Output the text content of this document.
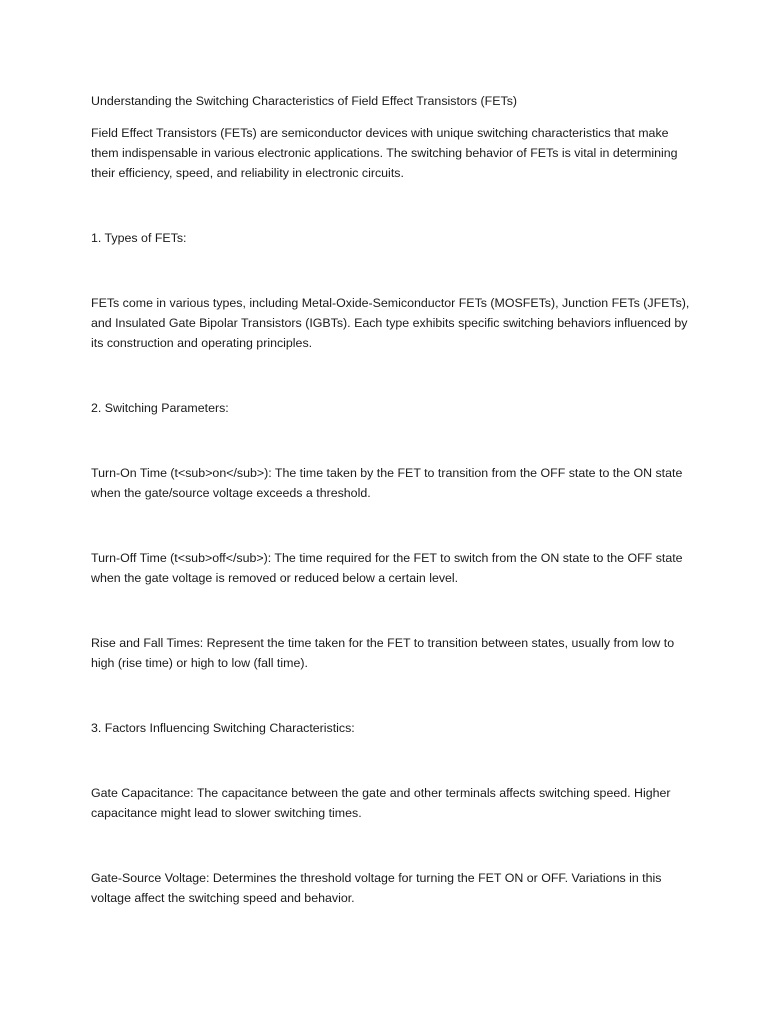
Understanding the Switching Characteristics of Field Effect Transistors (FETs)

Field Effect Transistors (FETs) are semiconductor devices with unique switching characteristics that make them indispensable in various electronic applications. The switching behavior of FETs is vital in determining their efficiency, speed, and reliability in electronic circuits.

1. Types of FETs:

FETs come in various types, including Metal-Oxide-Semiconductor FETs (MOSFETs), Junction FETs (JFETs), and Insulated Gate Bipolar Transistors (IGBTs). Each type exhibits specific switching behaviors influenced by its construction and operating principles.

2. Switching Parameters:

Turn-On Time (t<sub>on</sub>): The time taken by the FET to transition from the OFF state to the ON state when the gate/source voltage exceeds a threshold.

Turn-Off Time (t<sub>off</sub>): The time required for the FET to switch from the ON state to the OFF state when the gate voltage is removed or reduced below a certain level.

Rise and Fall Times: Represent the time taken for the FET to transition between states, usually from low to high (rise time) or high to low (fall time).

3. Factors Influencing Switching Characteristics:

Gate Capacitance: The capacitance between the gate and other terminals affects switching speed. Higher capacitance might lead to slower switching times.

Gate-Source Voltage: Determines the threshold voltage for turning the FET ON or OFF. Variations in this voltage affect the switching speed and behavior.
